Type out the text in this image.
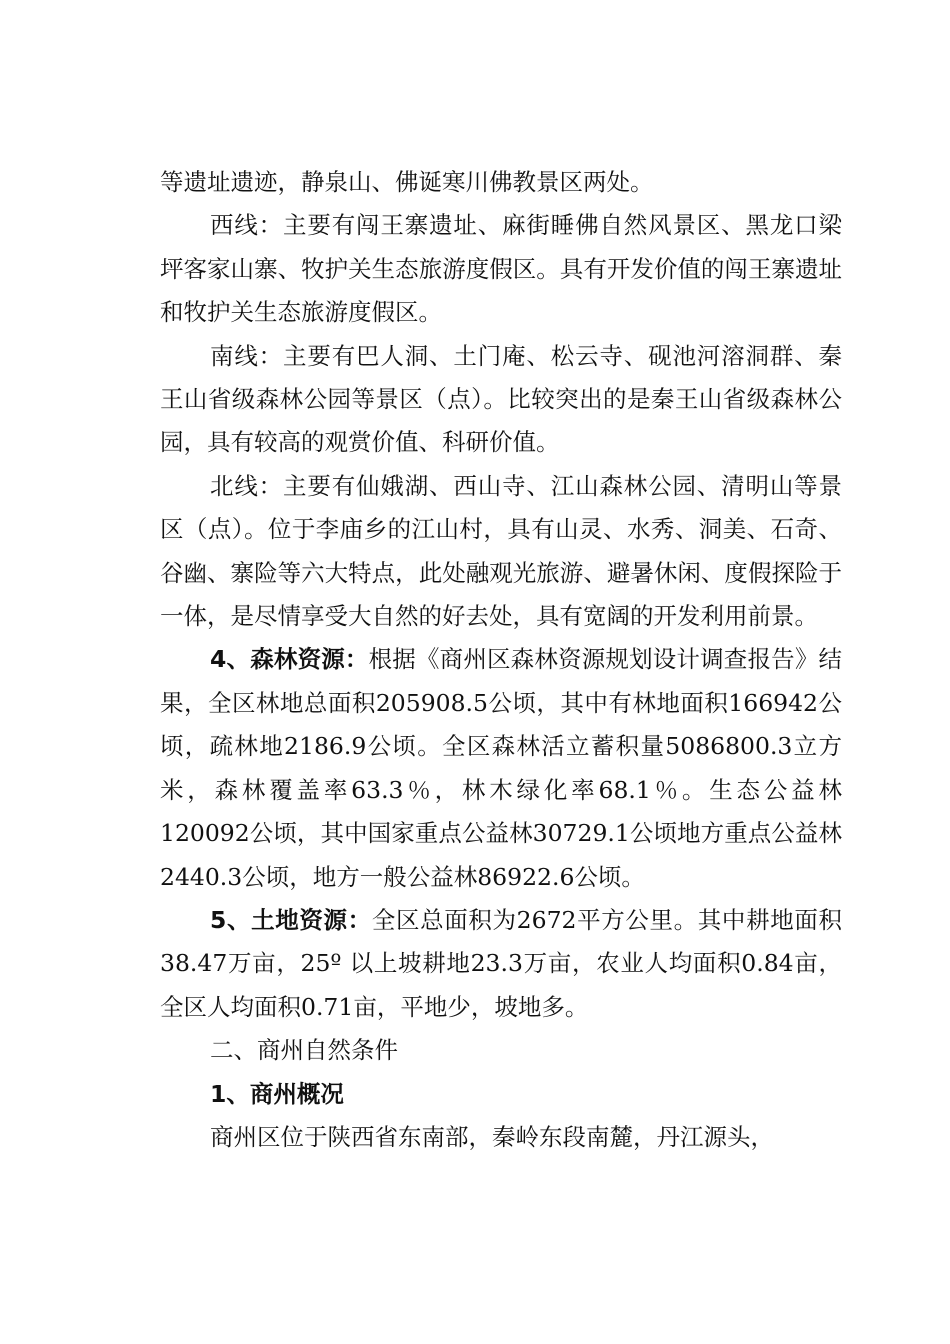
等遗址遗迹，静泉山、佛诞寒川佛教景区两处。

西线：主要有闯王寨遗址、麻街睡佛自然风景区、黑龙口梁坪客家山寨、牧护关生态旅游度假区。具有开发价值的闯王寨遗址和牧护关生态旅游度假区。

南线：主要有巴人洞、土门庵、松云寺、砚池河溶洞群、秦王山省级森林公园等景区（点）。比较突出的是秦王山省级森林公园，具有较高的观赏价值、科研价值。

北线：主要有仙娥湖、西山寺、江山森林公园、清明山等景区（点）。位于李庙乡的江山村，具有山灵、水秀、洞美、石奇、谷幽、寨险等六大特点，此处融观光旅游、避暑休闲、度假探险于一体，是尽情享受大自然的好去处，具有宽阔的开发利用前景。

4、森林资源：根据《商州区森林资源规划设计调查报告》结果，全区林地总面积205908.5公顷，其中有林地面积166942公顷，疏林地2186.9公顷。全区森林活立蓄积量5086800.3立方米，森林覆盖率63.3％，林木绿化率68.1％。生态公益林120092公顷，其中国家重点公益林30729.1公顷地方重点公益林2440.3公顷，地方一般公益林86922.6公顷。

5、土地资源：全区总面积为2672平方公里。其中耕地面积38.47万亩，25º 以上坡耕地23.3万亩，农业人均面积0.84亩，全区人均面积0.71亩，平地少，坡地多。

二、商州自然条件

1、商州概况

商州区位于陕西省东南部，秦岭东段南麓，丹江源头，
